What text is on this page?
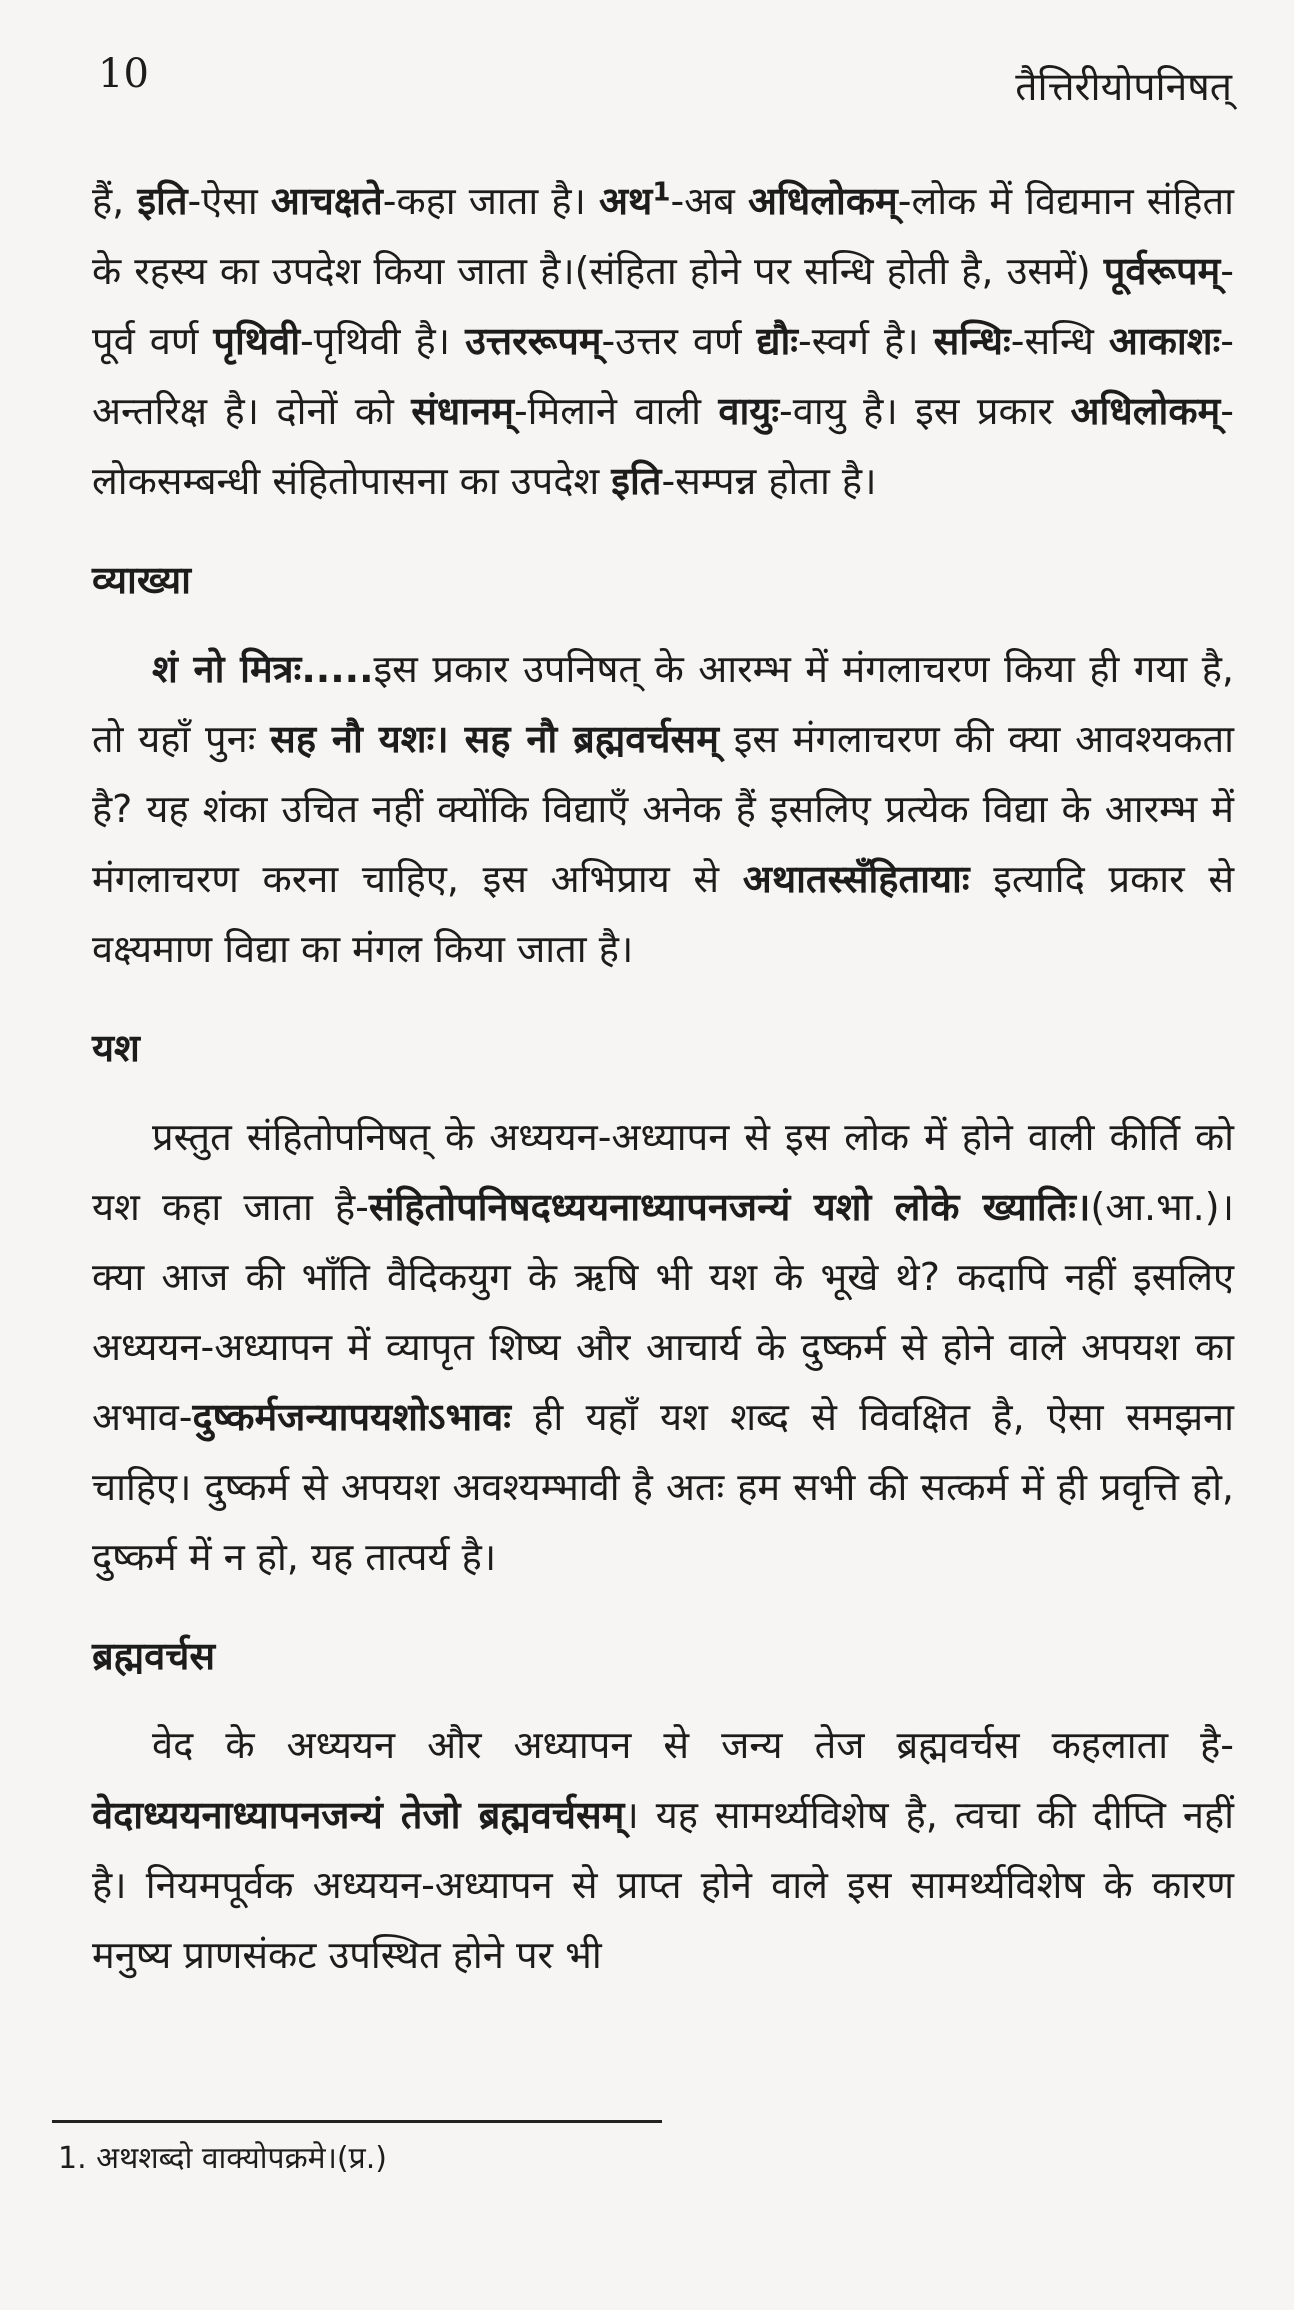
10	तैत्तिरीयोपनिषत्

हैं, इति-ऐसा आचक्षते-कहा जाता है। अथ$^1$-अब अधिलोकम्-लोक में विद्यमान संहिता के रहस्य का उपदेश किया जाता है।(संहिता होने पर सन्धि होती है, उसमें) पूर्वरूपम्-पूर्व वर्ण पृथिवी-पृथिवी है। उत्तररूपम्-उत्तर वर्ण द्यौः-स्वर्ग है। सन्धिः-सन्धि आकाशः-अन्तरिक्ष है। दोनों को संधानम्-मिलाने वाली वायुः-वायु है। इस प्रकार अधिलोकम्- लोकसम्बन्धी संहितोपासना का उपदेश इति-सम्पन्न होता है।

व्याख्या

शं नो मित्रः.....इस प्रकार उपनिषत् के आरम्भ में मंगलाचरण किया ही गया है, तो यहाँ पुनः सह नौ यशः। सह नौ ब्रह्मवर्चसम् इस मंगलाचरण की क्या आवश्यकता है? यह शंका उचित नहीं क्योंकि विद्याएँ अनेक हैं इसलिए प्रत्येक विद्या के आरम्भ में मंगलाचरण करना चाहिए, इस अभिप्राय से अथातस्सँहितायाः इत्यादि प्रकार से वक्ष्यमाण विद्या का मंगल किया जाता है।

यश

प्रस्तुत संहितोपनिषत् के अध्ययन-अध्यापन से इस लोक में होने वाली कीर्ति को यश कहा जाता है-संहितोपनिषदध्ययनाध्यापनजन्यं यशो लोके ख्यातिः।(आ.भा.)। क्या आज की भाँति वैदिकयुग के ऋषि भी यश के भूखे थे? कदापि नहीं इसलिए अध्ययन-अध्यापन में व्यापृत शिष्य और आचार्य के दुष्कर्म से होने वाले अपयश का अभाव-दुष्कर्मजन्यापयशोऽभावः ही यहाँ यश शब्द से विवक्षित है, ऐसा समझना चाहिए। दुष्कर्म से अपयश अवश्यम्भावी है अतः हम सभी की सत्कर्म में ही प्रवृत्ति हो, दुष्कर्म में न हो, यह तात्पर्य है।

ब्रह्मवर्चस

वेद के अध्ययन और अध्यापन से जन्य तेज ब्रह्मवर्चस कहलाता है-वेदाध्ययनाध्यापनजन्यं तेजो ब्रह्मवर्चसम्। यह सामर्थ्यविशेष है, त्वचा की दीप्ति नहीं है। नियमपूर्वक अध्ययन-अध्यापन से प्राप्त होने वाले इस सामर्थ्यविशेष के कारण मनुष्य प्राणसंकट उपस्थित होने पर भी

1. अथशब्दो वाक्योपक्रमे।(प्र.)
